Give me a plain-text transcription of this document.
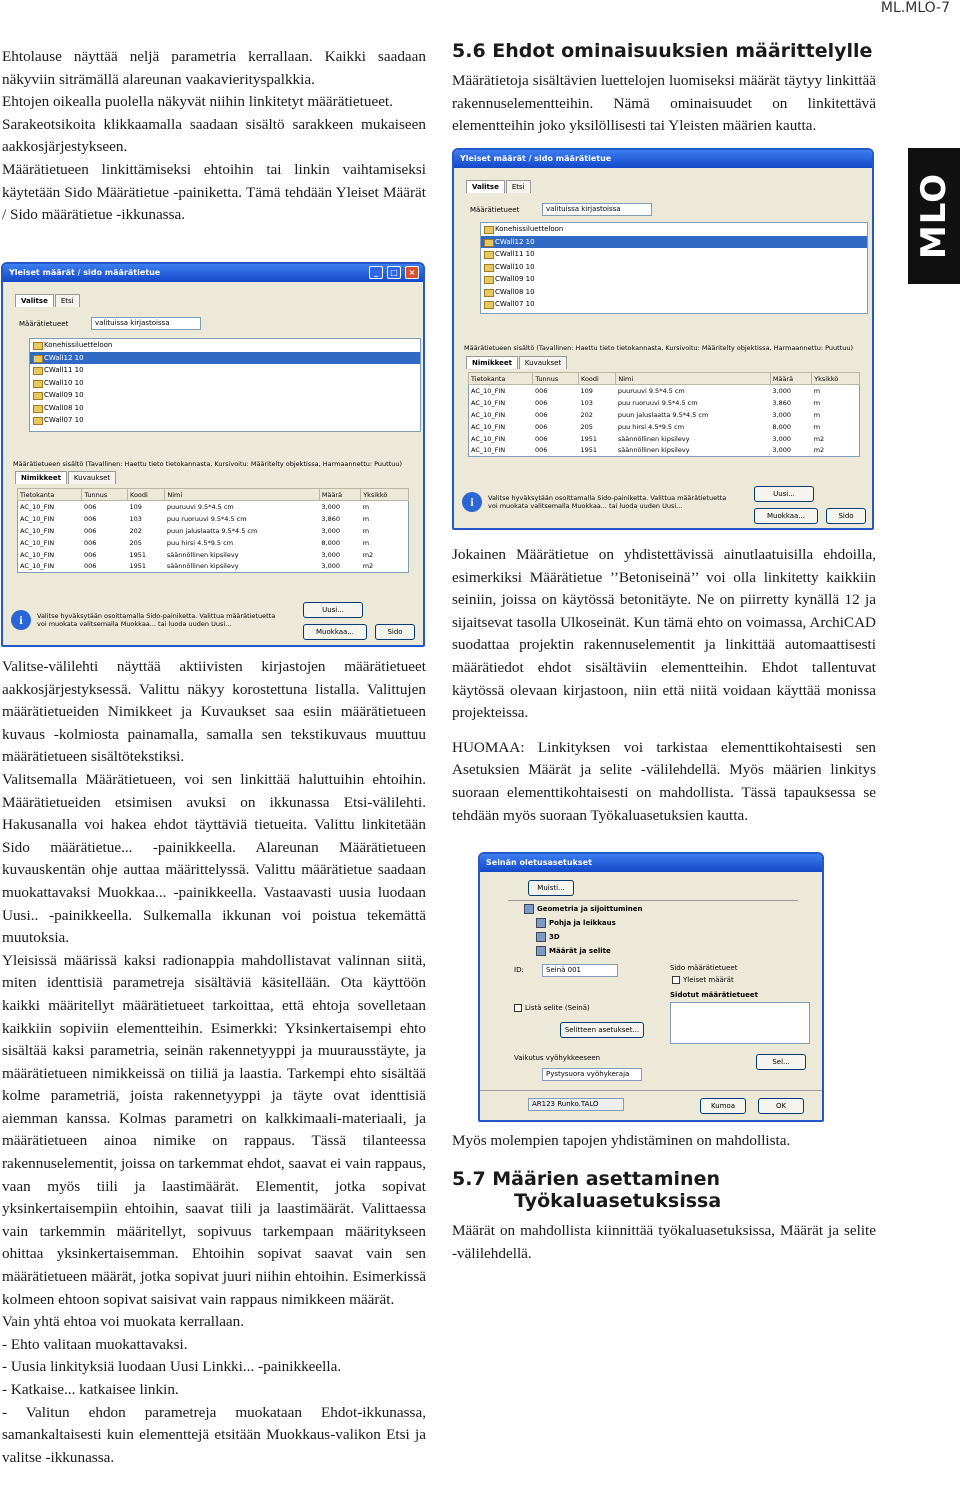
ML.MLO-7
MLO

Ehtolause näyttää neljä parametria kerrallaan. Kaikki saadaan näkyviin siträmällä alareunan vaakavierityspalkkia.

Ehtojen oikealla puolella näkyvät niihin linkitetyt määrätietueet.

Sarakeotsikoita klikkaamalla saadaan sisältö sarakkeen mukaiseen aakkosjärjestykseen.

Määrätietueen linkittämiseksi ehtoihin tai linkin vaihtamiseksi käytetään Sido Määrätietue -painiketta. Tämä tehdään Yleiset Määrät / Sido määrätietue -ikkunassa.

Yleiset määrät / sido määrätietue	_	□	×
Valitse	Etsi
Määrätietueet	valituissa kirjastoissa
Konehissiluetteloon
CWall12 10
CWall11 10
CWall10 10
CWall09 10
CWall08 10
CWall07 10
Määrätietueen sisältö (Tavallinen: Haettu tieto tietokannasta, Kursivoitu: Määritelty objektissa, Harmaannettu: Puuttuu)
Nimikkeet	Kuvaukset
Tietokanta	Tunnus	Koodi	Nimi	Määrä	Yksikkö
AC_10_FIN	006	109	puuruuvi 9.5*4.5 cm	3,000	m
AC_10_FIN	006	103	puu ruoruuvi 9.5*4.5 cm	3,860	m
AC_10_FIN	006	202	puun jaluslaatta 9.5*4.5 cm	3,000	m
AC_10_FIN	006	205	puu hirsi 4.5*9.5 cm	8,000	m
AC_10_FIN	006	1951	säännöllinen kipsilevy	3,000	m2
AC_10_FIN	006	1951	säännöllinen kipsilevy	3,000	m2
i	Valitse hyväksytään osoittamalla Sido-painiketta. Valittua määrätietuetta voi muokata valitsemalla Muokkaa... tai luoda uuden Uusi...
Uusi...
Muokkaa...	Sido

Valitse-välilehti näyttää aktiivisten kirjastojen määrätietueet aakkosjärjestyksessä. Valittu näkyy korostettuna listalla. Valittujen määrätietueiden Nimikkeet ja Kuvaukset saa esiin määrätietueen kuvaus -kolmiosta painamalla, samalla sen tekstikuvaus muuttuu määrätietueen sisältötekstiksi.

Valitsemalla Määrätietueen, voi sen linkittää haluttuihin ehtoihin. Määrätietueiden etsimisen avuksi on ikkunassa Etsi-välilehti. Hakusanalla voi hakea ehdot täyttäviä tietueita. Valittu linkitetään Sido määrätietue... -painikkeella. Alareunan Määrätietueen kuvauskentän ohje auttaa määrittelyssä. Valittu määrätietue saadaan muokattavaksi Muokkaa... -painikkeella. Vastaavasti uusia luodaan Uusi.. -painikkeella. Sulkemalla ikkunan voi poistua tekemättä muutoksia.

Yleisissä määrissä kaksi radionappia mahdollistavat valinnan siitä, miten identtisiä parametreja sisältäviä käsitellään. Ota käyttöön kaikki määritellyt määrätietueet tarkoittaa, että ehtoja sovelletaan kaikkiin sopiviin elementteihin. Esimerkki: Yksinkertaisempi ehto sisältää kaksi parametria, seinän rakennetyyppi ja muurausstäyte, ja määrätietueen nimikkeissä on tiiliä ja laastia. Tarkempi ehto sisältää kolme parametriä, joista rakennetyyppi ja täyte ovat identtisiä aiemman kanssa. Kolmas parametri on kalkkimaali-materiaali, ja määrätietueen ainoa nimike on rappaus. Tässä tilanteessa rakennuselementit, joissa on tarkemmat ehdot, saavat ei vain rappaus, vaan myös tiili ja laastimäärät. Elementit, jotka sopivat yksinkertaisempiin ehtoihin, saavat tiili ja laastimäärät. Valittaessa vain tarkemmin määritellyt, sopivuus tarkempaan määritykseen ohittaa yksinkertaisemman. Ehtoihin sopivat saavat vain sen määrätietueen määrät, jotka sopivat juuri niihin ehtoihin. Esimerkissä kolmeen ehtoon sopivat saisivat vain rappaus nimikkeen määrät.

Vain yhtä ehtoa voi muokata kerrallaan.

- Ehto valitaan muokattavaksi.

- Uusia linkityksiä luodaan Uusi Linkki... -painikkeella.

- Katkaise... katkaisee linkin.

- Valitun ehdon parametreja muokataan Ehdot-ikkunassa, samankaltaisesti kuin elementtejä etsitään Muokkaus-valikon Etsi ja valitse -ikkunassa.

5.6 Ehdot ominaisuuksien määrittelylle
Määrätietoja sisältävien luettelojen luomiseksi määrät täytyy linkittää rakennuselementteihin. Nämä ominaisuudet on linkitettävä elementteihin joko yksilöllisesti tai Yleisten määrien kautta.
Yleiset määrät / sido määrätietue
Valitse	Etsi
Määrätietueet	valituissa kirjastoissa
Konehissiluetteloon
CWall12 10
CWall11 10
CWall10 10
CWall09 10
CWall08 10
CWall07 10
Määrätietueen sisältö (Tavallinen: Haettu tieto tietokannasta, Kursivoitu: Määritelty objektissa, Harmaannettu: Puuttuu)
Nimikkeet	Kuvaukset
Tietokanta	Tunnus	Koodi	Nimi	Määrä	Yksikkö
AC_10_FIN	006	109	puuruuvi 9.5*4.5 cm	3,000	m
AC_10_FIN	006	103	puu ruoruuvi 9.5*4.5 cm	3,860	m
AC_10_FIN	006	202	puun jaluslaatta 9.5*4.5 cm	3,000	m
AC_10_FIN	006	205	puu hirsi 4.5*9.5 cm	8,000	m
AC_10_FIN	006	1951	säännöllinen kipsilevy	3,000	m2
AC_10_FIN	006	1951	säännöllinen kipsilevy	3,000	m2
i	Valitse hyväksytään osoittamalla Sido-painiketta. Valittua määrätietuetta voi muokata valitsemalla Muokkaa... tai luoda uuden Uusi...
Uusi...
Muokkaa...	Sido

Jokainen Määrätietue on yhdistettävissä ainutlaatuisilla ehdoilla, esimerkiksi Määrätietue ’’Betoniseinä’’ voi olla linkitetty kaikkiin seiniin, joissa on käytössä betonitäyte. Ne on piirretty kynällä 12 ja sijaitsevat tasolla Ulkoseinät. Kun tämä ehto on voimassa, ArchiCAD suodattaa projektin rakennuselementit ja linkittää automaattisesti määrätiedot ehdot sisältäviin elementteihin. Ehdot tallentuvat käytössä olevaan kirjastoon, niin että niitä voidaan käyttää monissa projekteissa.

HUOMAA: Linkityksen voi tarkistaa elementtikohtaisesti sen Asetuksien Määrät ja selite -välilehdellä. Myös määrien linkitys suoraan elementtikohtaisesti on mahdollista. Tässä tapauksessa se tehdään myös suoraan Työkaluasetuksien kautta.

Seinän oletusasetukset
Muisti...
Geometria ja sijoittuminen
Pohja ja leikkaus
3D
Määrät ja selite
ID:	Seinä 001	Sido määrätietueet
Yleiset määrät
Sidotut määrätietueet
Listä selite (Seinä)
Selitteen asetukset...
Sel...
Vaikutus vyöhykkeeseen
Pystysuora vyöhykeraja
AR123 Runko.TALO	Kumoa	OK
Myös molempien tapojen yhdistäminen on mahdollista.
5.7 Määrien asettaminen
Työkaluasetuksissa
Määrät on mahdollista kiinnittää työkaluasetuksissa, Määrät ja selite -välilehdellä.
